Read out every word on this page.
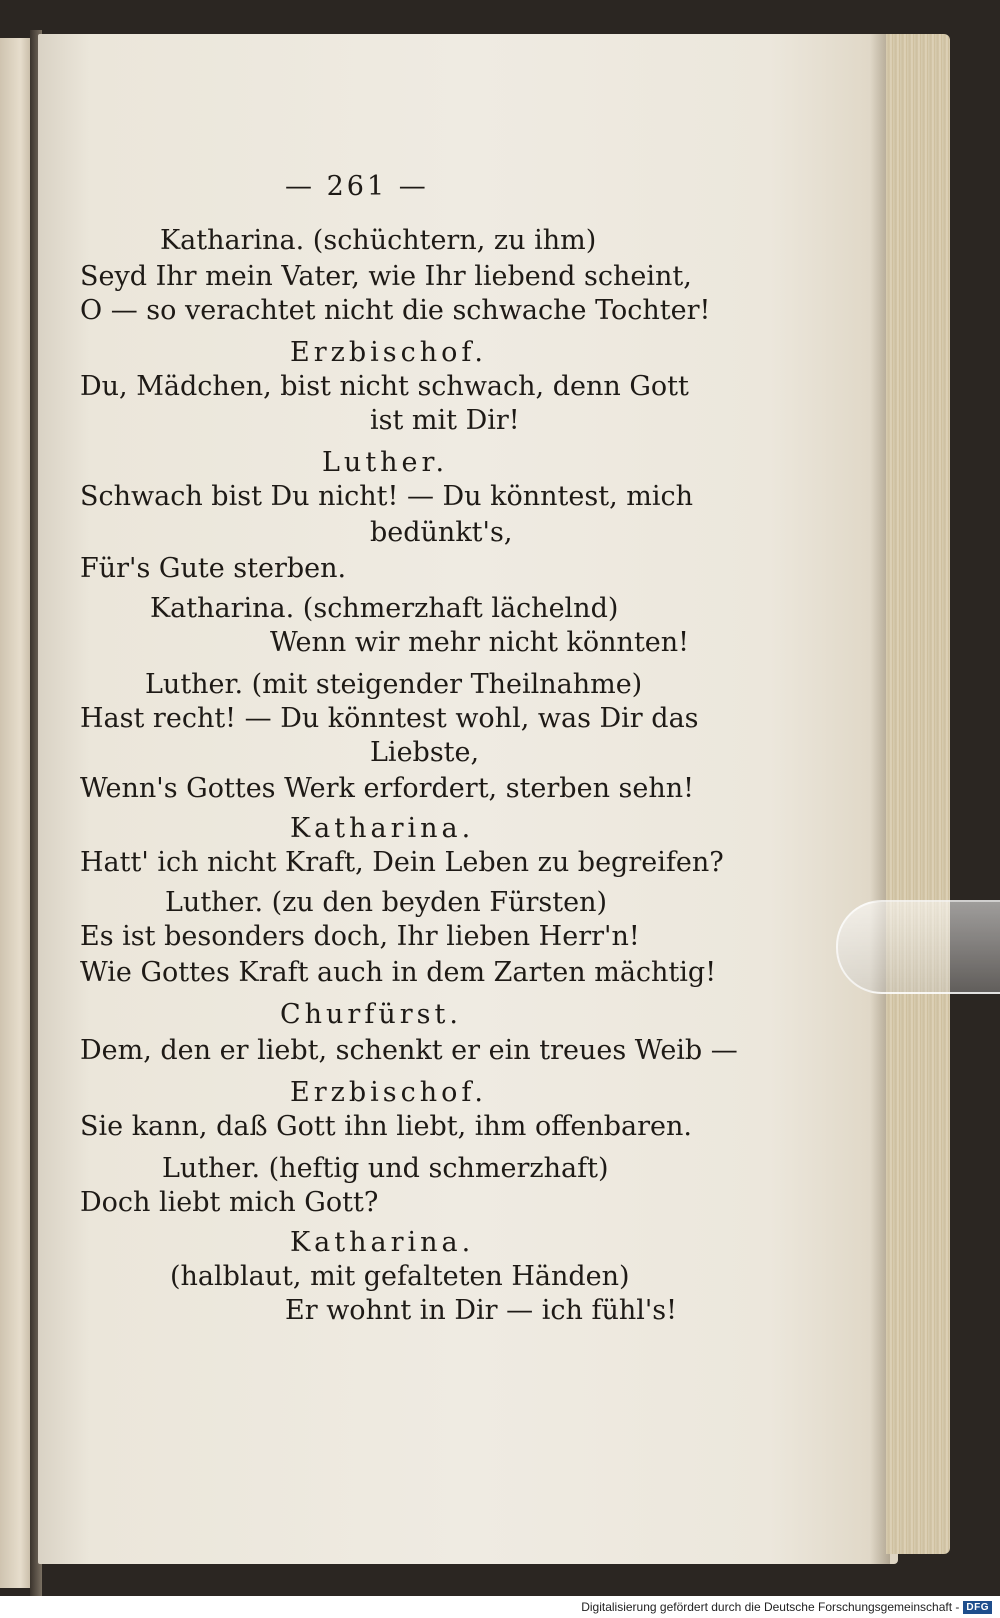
— 261 —
Katharina. (schüchtern, zu ihm)
Seyd Ihr mein Vater, wie Ihr liebend scheint,
O — so verachtet nicht die schwache Tochter!
Erzbischof.
Du, Mädchen, bist nicht schwach, denn Gott
ist mit Dir!
Luther.
Schwach bist Du nicht! — Du könntest, mich
bedünkt's,
Für's Gute sterben.
Katharina. (schmerzhaft lächelnd)
Wenn wir mehr nicht könnten!
Luther. (mit steigender Theilnahme)
Hast recht! — Du könntest wohl, was Dir das
Liebste,
Wenn's Gottes Werk erfordert, sterben sehn!
Katharina.
Hatt' ich nicht Kraft, Dein Leben zu begreifen?
Luther. (zu den beyden Fürsten)
Es ist besonders doch, Ihr lieben Herr'n!
Wie Gottes Kraft auch in dem Zarten mächtig!
Churfürst.
Dem, den er liebt, schenkt er ein treues Weib —
Erzbischof.
Sie kann, daß Gott ihn liebt, ihm offenbaren.
Luther. (heftig und schmerzhaft)
Doch liebt mich Gott?
Katharina.
(halblaut, mit gefalteten Händen)
Er wohnt in Dir — ich fühl's!
Digitalisierung gefördert durch die Deutsche Forschungsgemeinschaft - DFG
